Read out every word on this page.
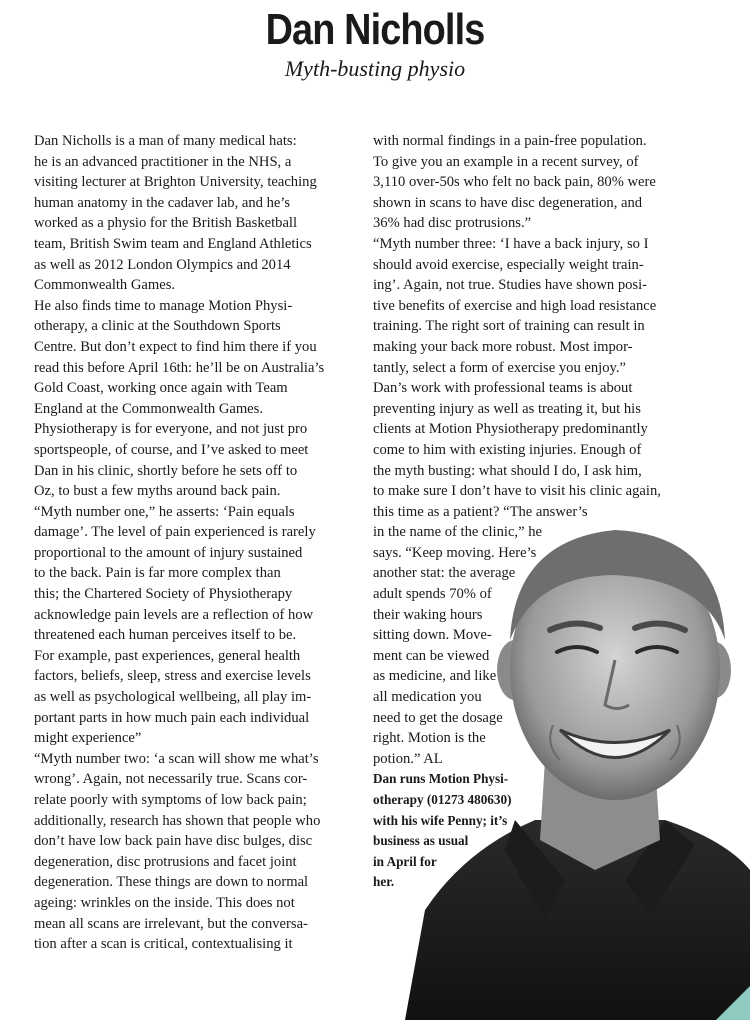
Dan Nicholls

Myth-busting physio

Dan Nicholls is a man of many medical hats:
he is an advanced practitioner in the NHS, a
visiting lecturer at Brighton University, teaching
human anatomy in the cadaver lab, and he’s
worked as a physio for the British Basketball
team, British Swim team and England Athletics
as well as 2012 London Olympics and 2014
Commonwealth Games.
He also finds time to manage Motion Physi-
otherapy, a clinic at the Southdown Sports
Centre. But don’t expect to find him there if you
read this before April 16th: he’ll be on Australia’s
Gold Coast, working once again with Team
England at the Commonwealth Games.
Physiotherapy is for everyone, and not just pro
sportspeople, of course, and I’ve asked to meet
Dan in his clinic, shortly before he sets off to
Oz, to bust a few myths around back pain.
“Myth number one,” he asserts: ‘Pain equals
damage’. The level of pain experienced is rarely
proportional to the amount of injury sustained
to the back. Pain is far more complex than
this; the Chartered Society of Physiotherapy
acknowledge pain levels are a reflection of how
threatened each human perceives itself to be.
For example, past experiences, general health
factors, beliefs, sleep, stress and exercise levels
as well as psychological wellbeing, all play im-
portant parts in how much pain each individual
might experience”
“Myth number two: ‘a scan will show me what’s
wrong’. Again, not necessarily true. Scans cor-
relate poorly with symptoms of low back pain;
additionally, research has shown that people who
don’t have low back pain have disc bulges, disc
degeneration, disc protrusions and facet joint
degeneration. These things are down to normal
ageing: wrinkles on the inside. This does not
mean all scans are irrelevant, but the conversa-
tion after a scan is critical, contextualising it
with normal findings in a pain-free population.
To give you an example in a recent survey, of
3,110 over-50s who felt no back pain, 80% were
shown in scans to have disc degeneration, and
36% had disc protrusions.”
“Myth number three: ‘I have a back injury, so I
should avoid exercise, especially weight train-
ing’. Again, not true. Studies have shown posi-
tive benefits of exercise and high load resistance
training. The right sort of training can result in
making your back more robust. Most impor-
tantly, select a form of exercise you enjoy.”
Dan’s work with professional teams is about
preventing injury as well as treating it, but his
clients at Motion Physiotherapy predominantly
come to him with existing injuries. Enough of
the myth busting: what should I do, I ask him,
to make sure I don’t have to visit his clinic again,
this time as a patient? “The answer’s
in the name of the clinic,” he
says. “Keep moving. Here’s
another stat: the average
adult spends 70% of
their waking hours
sitting down. Move-
ment can be viewed
as medicine, and like
all medication you
need to get the dosage
right. Motion is the
potion.” AL
Dan runs Motion Physi-
otherapy (01273 480630)
with his wife Penny; it’s
business as usual
in April for
her.
